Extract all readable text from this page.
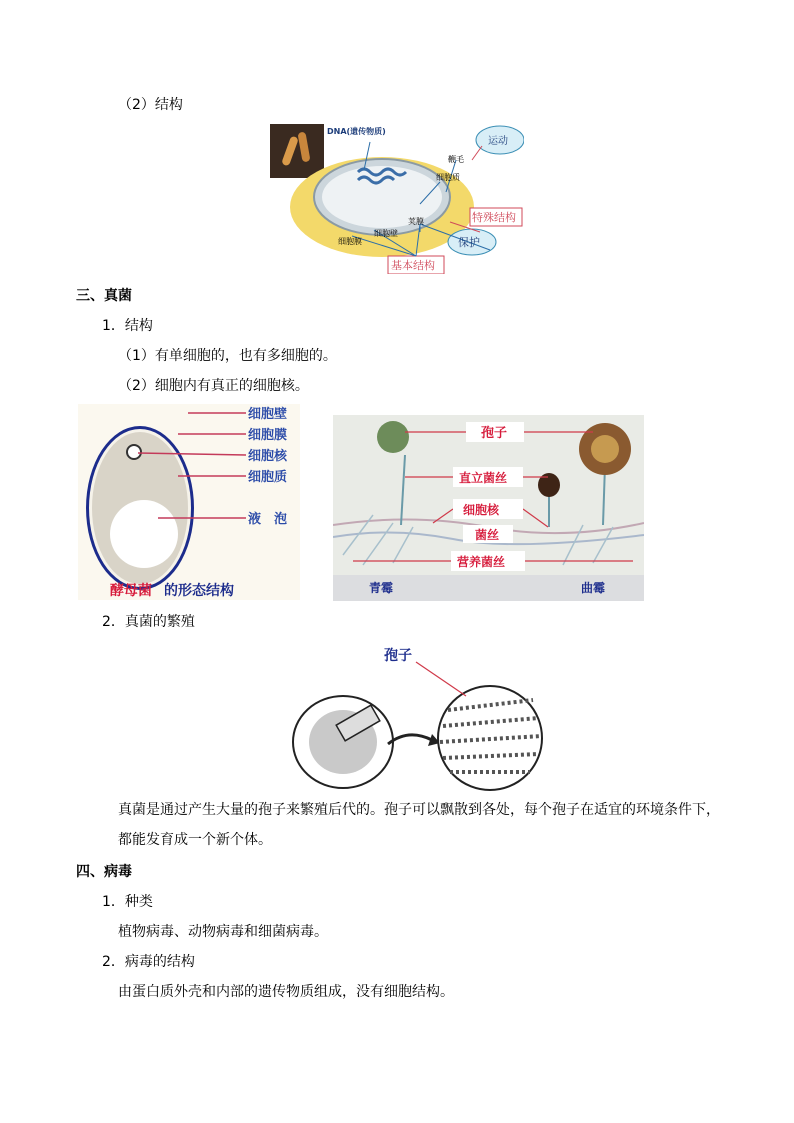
（2）结构
DNA(遗传物质)
运动
鞭毛
细胞质
特殊结构
荚膜
细胞壁
细胞膜	保护
基本结构
三、真菌
1．结构
（1）有单细胞的，也有多细胞的。
（2）细胞内有真正的细胞核。
细胞壁
细胞膜
细胞核
细胞质
液　泡
酵母菌 的形态结构
孢子
直立菌丝
细胞核
菌丝
营养菌丝
青霉	曲霉
2．真菌的繁殖
孢子
真菌是通过产生大量的孢子来繁殖后代的。孢子可以飘散到各处，每个孢子在适宜的环境条件下，
都能发育成一个新个体。
四、病毒
1．种类
植物病毒、动物病毒和细菌病毒。
2．病毒的结构
由蛋白质外壳和内部的遗传物质组成，没有细胞结构。
